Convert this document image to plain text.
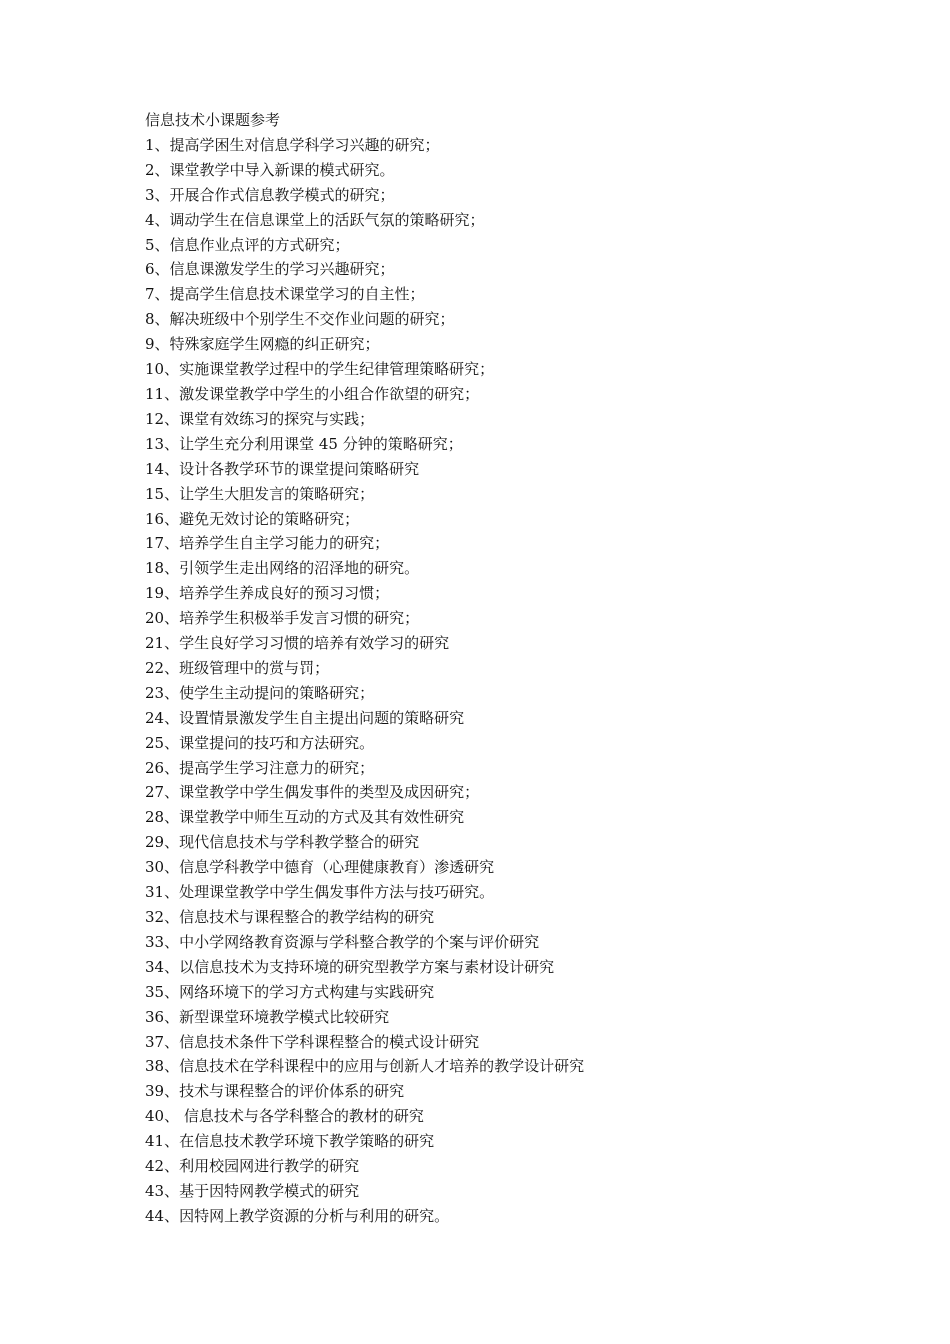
信息技术小课题参考
1、提高学困生对信息学科学习兴趣的研究；
2、课堂教学中导入新课的模式研究。
3、开展合作式信息教学模式的研究；
4、调动学生在信息课堂上的活跃气氛的策略研究；
5、信息作业点评的方式研究；
6、信息课激发学生的学习兴趣研究；
7、提高学生信息技术课堂学习的自主性；
8、解决班级中个别学生不交作业问题的研究；
9、特殊家庭学生网瘾的纠正研究；
10、实施课堂教学过程中的学生纪律管理策略研究；
11、激发课堂教学中学生的小组合作欲望的研究；
12、课堂有效练习的探究与实践；
13、让学生充分利用课堂 45 分钟的策略研究；
14、设计各教学环节的课堂提问策略研究
15、让学生大胆发言的策略研究；
16、避免无效讨论的策略研究；
17、培养学生自主学习能力的研究；
18、引领学生走出网络的沼泽地的研究。
19、培养学生养成良好的预习习惯；
20、培养学生积极举手发言习惯的研究；
21、学生良好学习习惯的培养有效学习的研究
22、班级管理中的赏与罚；
23、使学生主动提问的策略研究；
24、设置情景激发学生自主提出问题的策略研究
25、课堂提问的技巧和方法研究。
26、提高学生学习注意力的研究；
27、课堂教学中学生偶发事件的类型及成因研究；
28、课堂教学中师生互动的方式及其有效性研究
29、现代信息技术与学科教学整合的研究
30、信息学科教学中德育（心理健康教育）渗透研究
31、处理课堂教学中学生偶发事件方法与技巧研究。
32、信息技术与课程整合的教学结构的研究
33、中小学网络教育资源与学科整合教学的个案与评价研究
34、以信息技术为支持环境的研究型教学方案与素材设计研究
35、网络环境下的学习方式构建与实践研究
36、新型课堂环境教学模式比较研究
37、信息技术条件下学科课程整合的模式设计研究
38、信息技术在学科课程中的应用与创新人才培养的教学设计研究
39、技术与课程整合的评价体系的研究
40、 信息技术与各学科整合的教材的研究
41、在信息技术教学环境下教学策略的研究
42、利用校园网进行教学的研究
43、基于因特网教学模式的研究
44、因特网上教学资源的分析与利用的研究。
